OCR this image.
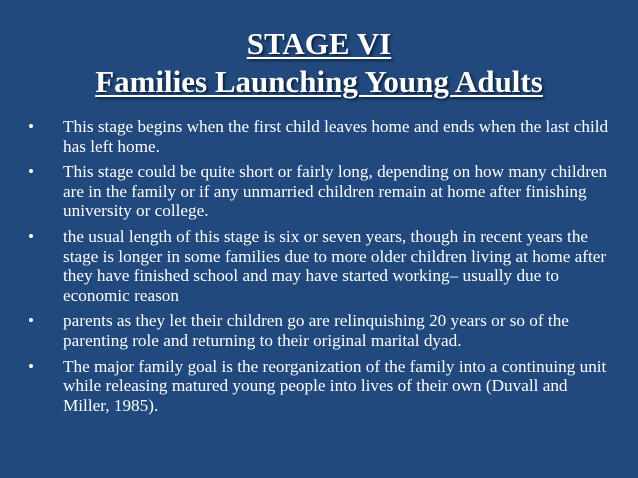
STAGE VI
Families Launching Young Adults
• This stage begins when the first child leaves home and ends when the last child has left home.
• This stage could be quite short or fairly long, depending on how many children are in the family or if any unmarried children remain at home after finishing university or college.
• the usual length of this stage is six or seven years, though in recent years the stage is longer in some families due to more older children living at home after they have finished school and may have started working– usually due to economic reason
• parents as they let their children go are relinquishing 20 years or so of the parenting role and returning to their original marital dyad.
• The major family goal is the reorganization of the family into a continuing unit while releasing matured young people into lives of their own (Duvall and Miller, 1985).
